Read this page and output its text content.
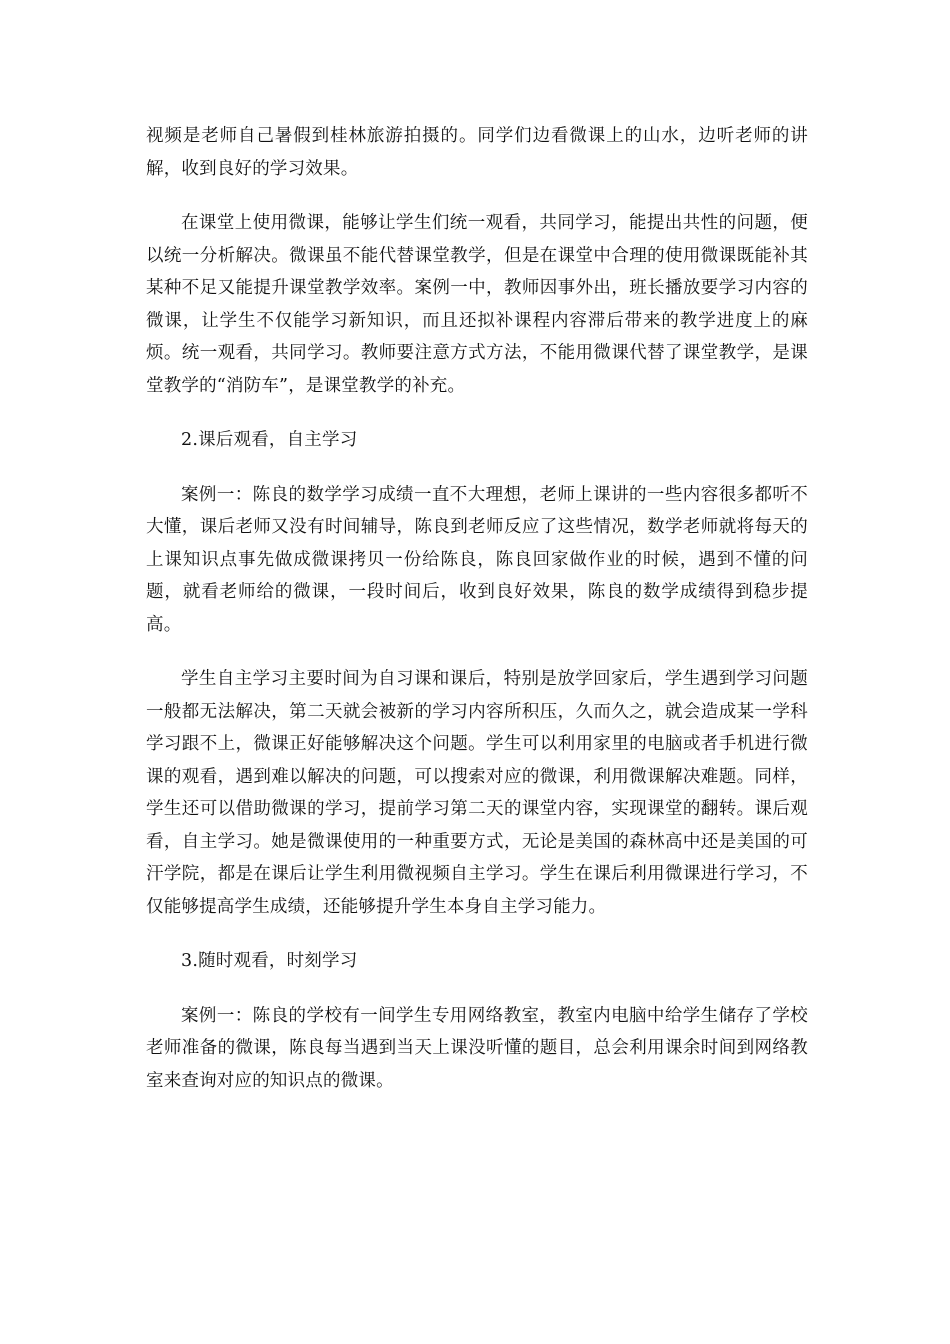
视频是老师自己暑假到桂林旅游拍摄的。同学们边看微课上的山水，边听老师的讲解，收到良好的学习效果。

在课堂上使用微课，能够让学生们统一观看，共同学习，能提出共性的问题，便以统一分析解决。微课虽不能代替课堂教学，但是在课堂中合理的使用微课既能补其某种不足又能提升课堂教学效率。案例一中，教师因事外出，班长播放要学习内容的微课，让学生不仅能学习新知识，而且还拟补课程内容滞后带来的教学进度上的麻烦。统一观看，共同学习。教师要注意方式方法，不能用微课代替了课堂教学，是课堂教学的“消防车”，是课堂教学的补充。

2.课后观看，自主学习

案例一：陈良的数学学习成绩一直不大理想，老师上课讲的一些内容很多都听不大懂，课后老师又没有时间辅导，陈良到老师反应了这些情况，数学老师就将每天的上课知识点事先做成微课拷贝一份给陈良，陈良回家做作业的时候，遇到不懂的问题，就看老师给的微课，一段时间后，收到良好效果，陈良的数学成绩得到稳步提高。

学生自主学习主要时间为自习课和课后，特别是放学回家后，学生遇到学习问题一般都无法解决，第二天就会被新的学习内容所积压，久而久之，就会造成某一学科学习跟不上，微课正好能够解决这个问题。学生可以利用家里的电脑或者手机进行微课的观看，遇到难以解决的问题，可以搜索对应的微课，利用微课解决难题。同样，学生还可以借助微课的学习，提前学习第二天的课堂内容，实现课堂的翻转。课后观看，自主学习。她是微课使用的一种重要方式，无论是美国的森林高中还是美国的可汗学院，都是在课后让学生利用微视频自主学习。学生在课后利用微课进行学习，不仅能够提高学生成绩，还能够提升学生本身自主学习能力。

3.随时观看，时刻学习

案例一：陈良的学校有一间学生专用网络教室，教室内电脑中给学生储存了学校老师准备的微课，陈良每当遇到当天上课没听懂的题目，总会利用课余时间到网络教室来查询对应的知识点的微课。
